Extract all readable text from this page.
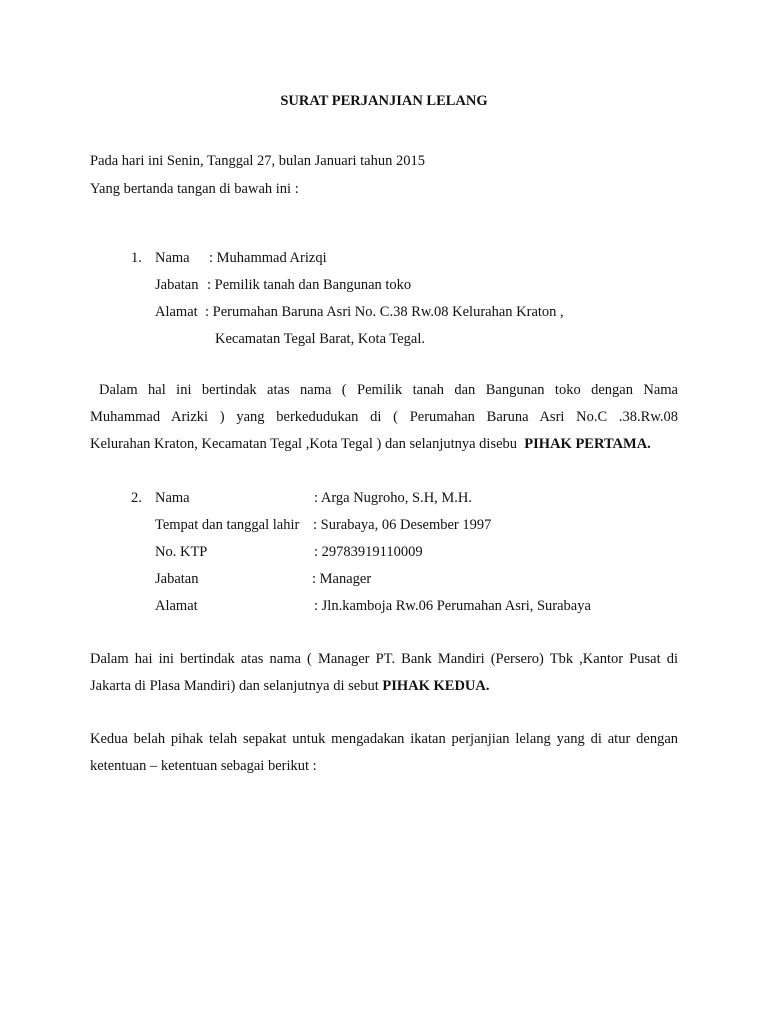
SURAT PERJANJIAN LELANG
Pada hari ini Senin, Tanggal 27, bulan Januari tahun 2015
Yang bertanda tangan di bawah ini :
1. Nama : Muhammad Arizqi
Jabatan : Pemilik tanah dan Bangunan toko
Alamat : Perumahan Baruna Asri No. C.38 Rw.08 Kelurahan Kraton ,
Kecamatan Tegal Barat, Kota Tegal.
Dalam hal ini bertindak atas nama ( Pemilik tanah dan Bangunan toko dengan Nama
Muhammad Arizki ) yang berkedudukan di ( Perumahan Baruna Asri No.C .38.Rw.08
Kelurahan Kraton, Kecamatan Tegal ,Kota Tegal ) dan selanjutnya disebu PIHAK PERTAMA.
2. Nama	: Arga Nugroho, S.H, M.H.
Tempat dan tanggal lahir : Surabaya, 06 Desember 1997
No. KTP	: 29783919110009
Jabatan	: Manager
Alamat	: Jln.kamboja Rw.06 Perumahan Asri, Surabaya
Dalam hai ini bertindak atas nama ( Manager PT. Bank Mandiri (Persero) Tbk ,Kantor Pusat di
Jakarta di Plasa Mandiri) dan selanjutnya di sebut PIHAK KEDUA.
Kedua belah pihak telah sepakat untuk mengadakan ikatan perjanjian lelang yang di atur dengan
ketentuan – ketentuan sebagai berikut :
